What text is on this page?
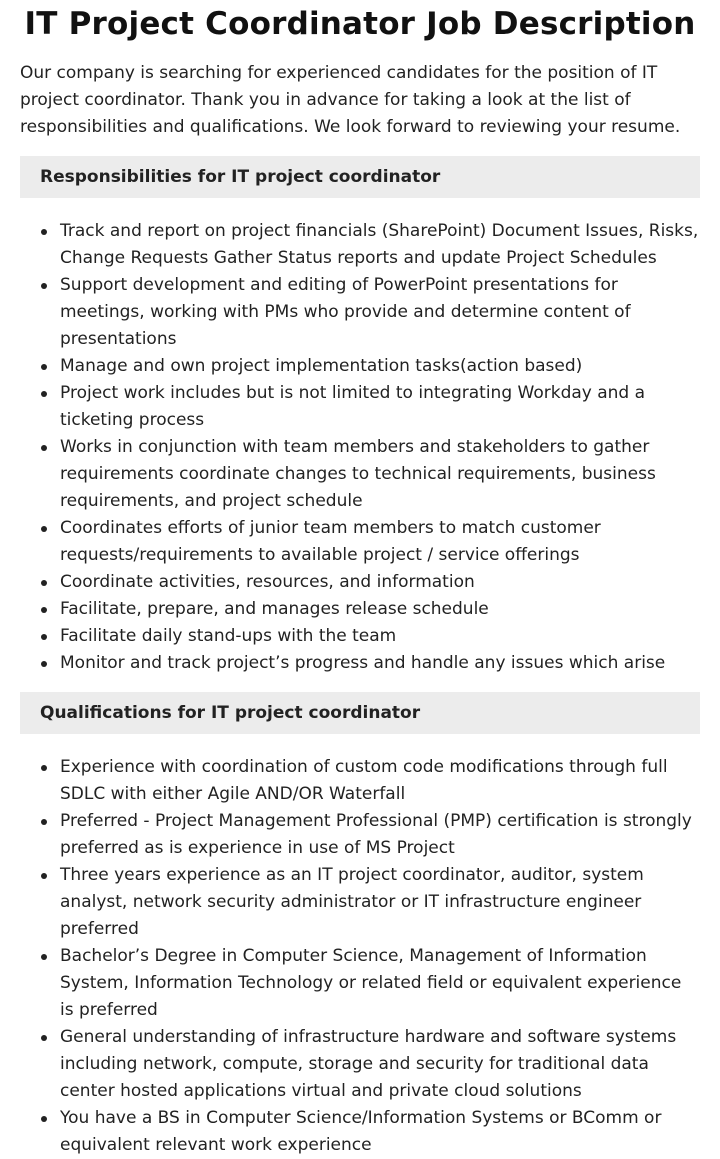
IT Project Coordinator Job Description

Our company is searching for experienced candidates for the position of IT project coordinator. Thank you in advance for taking a look at the list of responsibilities and qualifications. We look forward to reviewing your resume.

Responsibilities for IT project coordinator
Track and report on project financials (SharePoint) Document Issues, Risks, Change Requests Gather Status reports and update Project Schedules
Support development and editing of PowerPoint presentations for meetings, working with PMs who provide and determine content of presentations
Manage and own project implementation tasks(action based)
Project work includes but is not limited to integrating Workday and a ticketing process
Works in conjunction with team members and stakeholders to gather requirements coordinate changes to technical requirements, business requirements, and project schedule
Coordinates efforts of junior team members to match customer requests/requirements to available project / service offerings
Coordinate activities, resources, and information
Facilitate, prepare, and manages release schedule
Facilitate daily stand-ups with the team
Monitor and track project’s progress and handle any issues which arise
Qualifications for IT project coordinator
Experience with coordination of custom code modifications through full SDLC with either Agile AND/OR Waterfall
Preferred - Project Management Professional (PMP) certification is strongly preferred as is experience in use of MS Project
Three years experience as an IT project coordinator, auditor, system analyst, network security administrator or IT infrastructure engineer preferred
Bachelor’s Degree in Computer Science, Management of Information System, Information Technology or related field or equivalent experience is preferred
General understanding of infrastructure hardware and software systems including network, compute, storage and security for traditional data center hosted applications virtual and private cloud solutions
You have a BS in Computer Science/Information Systems or BComm or equivalent relevant work experience
